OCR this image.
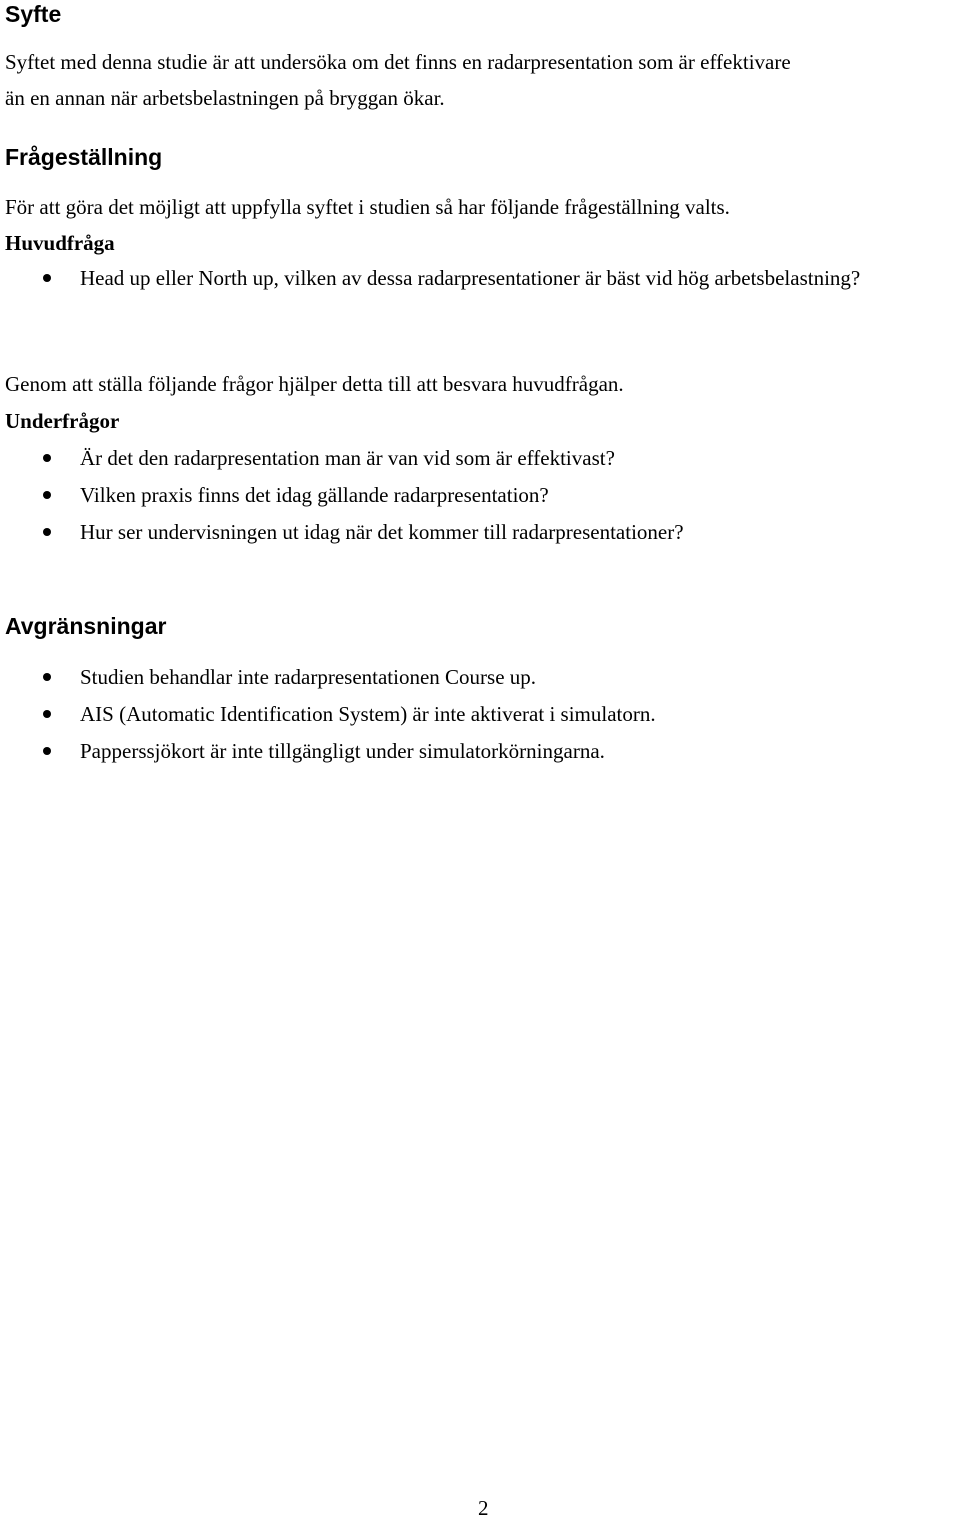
Syfte

Syftet med denna studie är att undersöka om det finns en radarpresentation som är effektivare

än en annan när arbetsbelastningen på bryggan ökar.

Frågeställning

För att göra det möjligt att uppfylla syftet i studien så har följande frågeställning valts.

Huvudfråga
Head up eller North up, vilken av dessa radarpresentationer är bäst vid hög arbetsbelastning?

Genom att ställa följande frågor hjälper detta till att besvara huvudfrågan.

Underfrågor
Är det den radarpresentation man är van vid som är effektivast?
Vilken praxis finns det idag gällande radarpresentation?
Hur ser undervisningen ut idag när det kommer till radarpresentationer?
Avgränsningar
Studien behandlar inte radarpresentationen Course up.
AIS (Automatic Identification System) är inte aktiverat i simulatorn.
Papperssjökort är inte tillgängligt under simulatorkörningarna.
2
